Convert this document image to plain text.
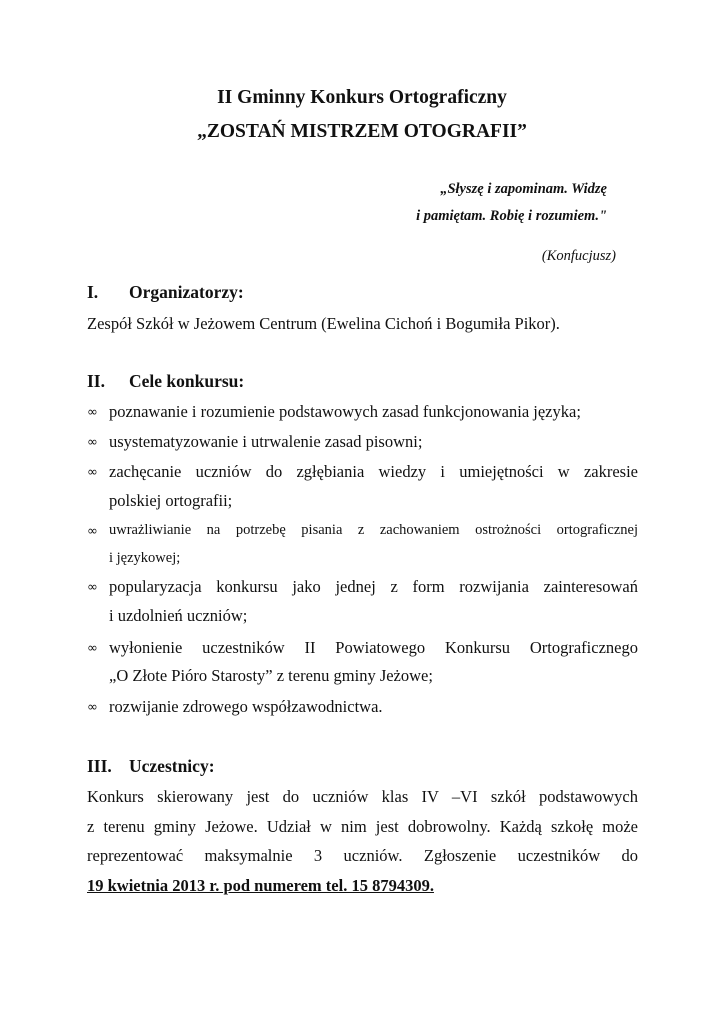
II Gminny Konkurs Ortograficzny
„ZOSTAŃ MISTRZEM OTOGRAFII”
„Słyszę i zapominam. Widzę
i pamiętam. Robię i rozumiem."
(Konfucjusz)
I. Organizatorzy:
Zespół Szkół w Jeżowem Centrum (Ewelina Cichoń i Bogumiła Pikor).
II. Cele konkursu:
∞ poznawanie i rozumienie podstawowych zasad funkcjonowania języka;
∞ usystematyzowanie i utrwalenie zasad pisowni;
∞ zachęcanie uczniów do zgłębiania wiedzy i umiejętności w zakresie
polskiej ortografii;
∞ uwrażliwianie na potrzebę pisania z zachowaniem ostrożności ortograficznej
i językowej;
∞ popularyzacja konkursu jako jednej z form rozwijania zainteresowań
i uzdolnień uczniów;
∞ wyłonienie uczestników II Powiatowego Konkursu Ortograficznego
„O Złote Pióro Starosty” z terenu gminy Jeżowe;
∞ rozwijanie zdrowego współzawodnictwa.
III. Uczestnicy:
Konkurs skierowany jest do uczniów klas IV –VI szkół podstawowych
z terenu gminy Jeżowe. Udział w nim jest dobrowolny. Każdą szkołę może
reprezentować maksymalnie 3 uczniów. Zgłoszenie uczestników do
19 kwietnia 2013 r. pod numerem tel. 15 8794309.
